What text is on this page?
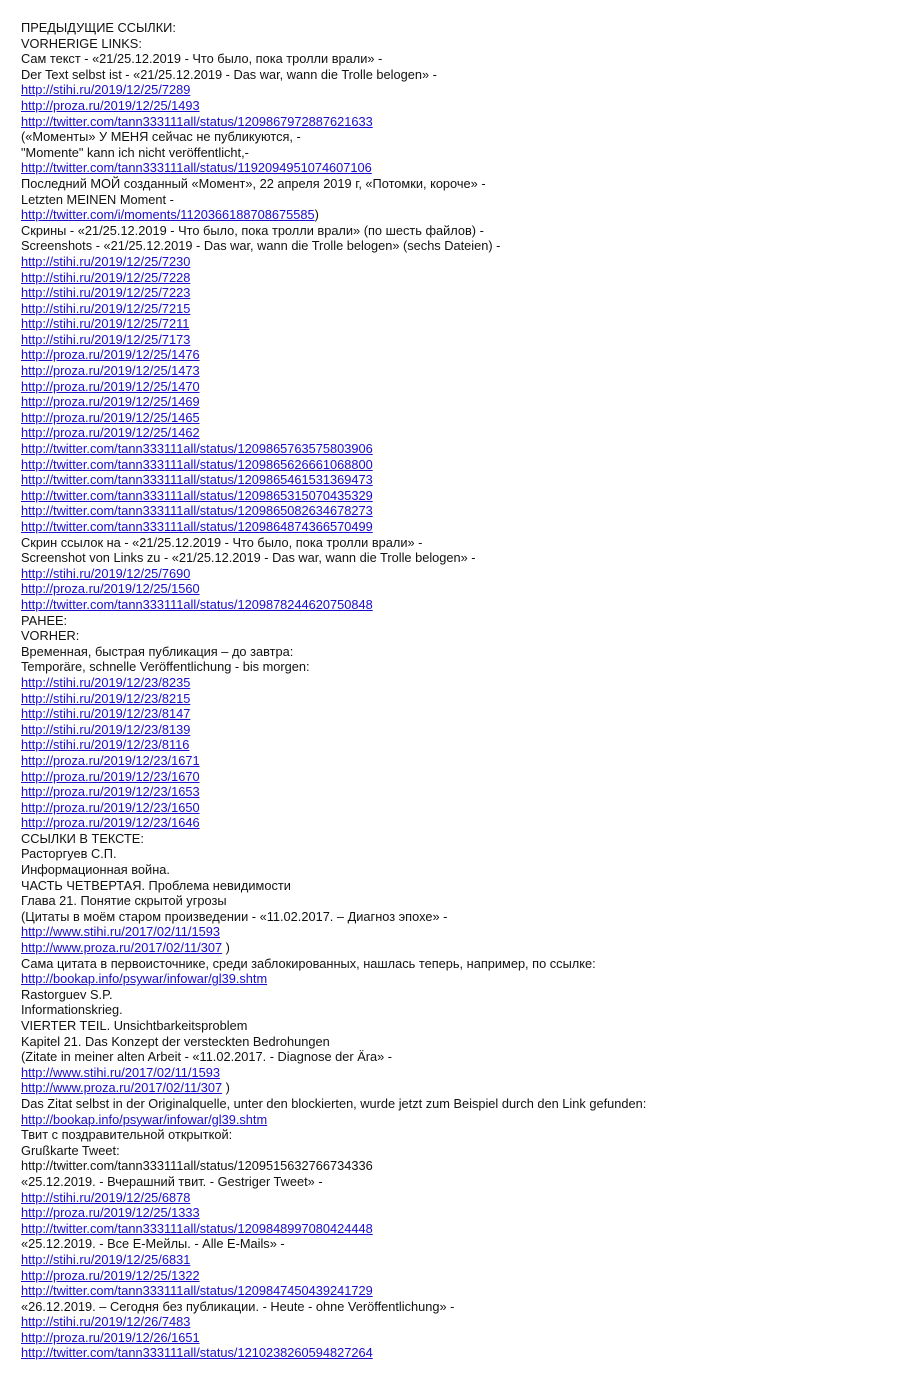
ПРЕДЫДУЩИЕ ССЫЛКИ:
VORHERIGE LINKS:
Сам текст - «21/25.12.2019 - Что было, пока тролли врали» -
Der Text selbst ist - «21/25.12.2019 - Das war, wann die Trolle belogen» -
http://stihi.ru/2019/12/25/7289
http://proza.ru/2019/12/25/1493
http://twitter.com/tann333111all/status/1209867972887621633
(«Моменты» У МЕНЯ сейчас не публикуются, -
"Momente" kann ich nicht veröffentlicht,-
http://twitter.com/tann333111all/status/1192094951074607106
Последний МОЙ созданный «Момент», 22 апреля 2019 г, «Потомки, короче» -
Letzten MEINEN Moment -
http://twitter.com/i/moments/1120366188708675585)
Скрины - «21/25.12.2019 - Что было, пока тролли врали» (по шесть файлов) -
Screenshots - «21/25.12.2019 - Das war, wann die Trolle belogen» (sechs Dateien) -
http://stihi.ru/2019/12/25/7230
http://stihi.ru/2019/12/25/7228
http://stihi.ru/2019/12/25/7223
http://stihi.ru/2019/12/25/7215
http://stihi.ru/2019/12/25/7211
http://stihi.ru/2019/12/25/7173
http://proza.ru/2019/12/25/1476
http://proza.ru/2019/12/25/1473
http://proza.ru/2019/12/25/1470
http://proza.ru/2019/12/25/1469
http://proza.ru/2019/12/25/1465
http://proza.ru/2019/12/25/1462
http://twitter.com/tann333111all/status/1209865763575803906
http://twitter.com/tann333111all/status/1209865626661068800
http://twitter.com/tann333111all/status/1209865461531369473
http://twitter.com/tann333111all/status/1209865315070435329
http://twitter.com/tann333111all/status/1209865082634678273
http://twitter.com/tann333111all/status/1209864874366570499
Скрин ссылок на - «21/25.12.2019 - Что было, пока тролли врали» -
Screenshot von Links zu - «21/25.12.2019 - Das war, wann die Trolle belogen» -
http://stihi.ru/2019/12/25/7690
http://proza.ru/2019/12/25/1560
http://twitter.com/tann333111all/status/1209878244620750848
РАНЕЕ:
VORHER:
Временная, быстрая публикация – до завтра:
Temporäre, schnelle Veröffentlichung - bis morgen:
http://stihi.ru/2019/12/23/8235
http://stihi.ru/2019/12/23/8215
http://stihi.ru/2019/12/23/8147
http://stihi.ru/2019/12/23/8139
http://stihi.ru/2019/12/23/8116
http://proza.ru/2019/12/23/1671
http://proza.ru/2019/12/23/1670
http://proza.ru/2019/12/23/1653
http://proza.ru/2019/12/23/1650
http://proza.ru/2019/12/23/1646
ССЫЛКИ В ТЕКСТЕ:
Расторгуев С.П.
Информационная война.
ЧАСТЬ ЧЕТВЕРТАЯ. Проблема невидимости
Глава 21. Понятие скрытой угрозы
(Цитаты в моём старом произведении - «11.02.2017. – Диагноз эпохе» -
http://www.stihi.ru/2017/02/11/1593
http://www.proza.ru/2017/02/11/307 )
Сама цитата в первоисточнике, среди заблокированных, нашлась теперь, например, по ссылке:
http://bookap.info/psywar/infowar/gl39.shtm
Rastorguev S.P.
Informationskrieg.
VIERTER TEIL. Unsichtbarkeitsproblem
Kapitel 21. Das Konzept der versteckten Bedrohungen
(Zitate in meiner alten Arbeit - «11.02.2017. - Diagnose der Ära» -
http://www.stihi.ru/2017/02/11/1593
http://www.proza.ru/2017/02/11/307 )
Das Zitat selbst in der Originalquelle, unter den blockierten, wurde jetzt zum Beispiel durch den Link gefunden:
http://bookap.info/psywar/infowar/gl39.shtm
Твит с поздравительной открыткой:
Grußkarte Tweet:
http://twitter.com/tann333111all/status/1209515632766734336
«25.12.2019. - Вчерашний твит. - Gestriger Tweet» -
http://stihi.ru/2019/12/25/6878
http://proza.ru/2019/12/25/1333
http://twitter.com/tann333111all/status/1209848997080424448
«25.12.2019. - Все E-Мейлы. - Alle E-Mails» -
http://stihi.ru/2019/12/25/6831
http://proza.ru/2019/12/25/1322
http://twitter.com/tann333111all/status/1209847450439241729
«26.12.2019. – Сегодня без публикации. - Heute - ohne Veröffentlichung» -
http://stihi.ru/2019/12/26/7483
http://proza.ru/2019/12/26/1651
http://twitter.com/tann333111all/status/1210238260594827264
